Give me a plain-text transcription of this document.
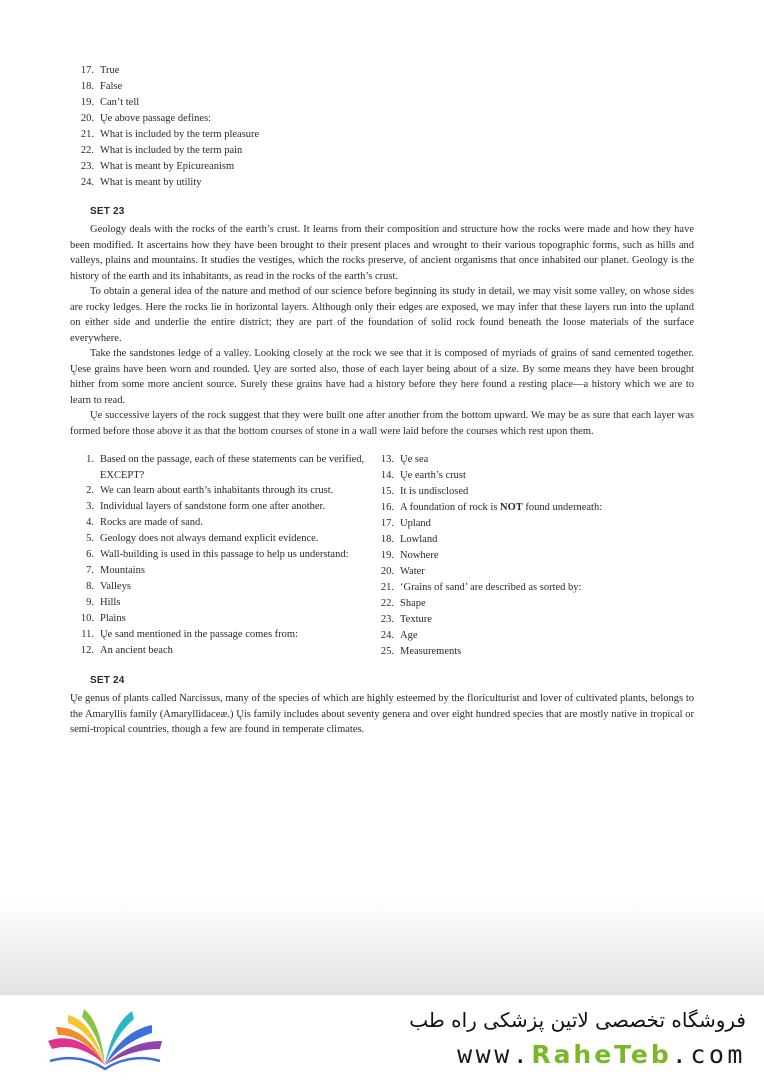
17. True
18. False
19. Can’t tell
20. Ųe above passage defines:
21. What is included by the term pleasure
22. What is included by the term pain
23. What is meant by Epicureanism
24. What is meant by utility
SET 23

Geology deals with the rocks of the earth’s crust. It learns from their composition and structure how the rocks were made and how they have been modified. It ascertains how they have been brought to their present places and wrought to their various topographic forms, such as hills and valleys, plains and mountains. It studies the vestiges, which the rocks preserve, of ancient organisms that once inhabited our planet. Geology is the history of the earth and its inhabitants, as read in the rocks of the earth’s crust.

To obtain a general idea of the nature and method of our science before beginning its study in detail, we may visit some valley, on whose sides are rocky ledges. Here the rocks lie in horizontal layers. Although only their edges are exposed, we may infer that these layers run into the upland on either side and underlie the entire district; they are part of the foundation of solid rock found beneath the loose materials of the surface everywhere.

Take the sandstones ledge of a valley. Looking closely at the rock we see that it is composed of myriads of grains of sand cemented together. Ųese grains have been worn and rounded. Ųey are sorted also, those of each layer being about of a size. By some means they have been brought hither from some more ancient source. Surely these grains have had a history before they here found a resting place—a history which we are to learn to read.

Ųe successive layers of the rock suggest that they were built one after another from the bottom upward. We may be as sure that each layer was formed before those above it as that the bottom courses of stone in a wall were laid before the courses which rest upon them.

1. Based on the passage, each of these statements can be verified, EXCEPT?
2. We can learn about earth’s inhabitants through its crust.
3. Individual layers of sandstone form one after another.
4. Rocks are made of sand.
5. Geology does not always demand explicit evidence.
6. Wall-building is used in this passage to help us understand:
7. Mountains
8. Valleys
9. Hills
10. Plains
11. Ųe sand mentioned in the passage comes from:
12. An ancient beach
13. Ųe sea
14. Ųe earth’s crust
15. It is undisclosed
16. A foundation of rock is NOT found underneath:
17. Upland
18. Lowland
19. Nowhere
20. Water
21. ‘Grains of sand’ are described as sorted by:
22. Shape
23. Texture
24. Age
25. Measurements
SET 24

Ųe genus of plants called Narcissus, many of the species of which are highly esteemed by the floriculturist and lover of cultivated plants, belongs to the Amaryllis family (Amaryllidaceæ.) Ųis family includes about seventy genera and over eight hundred species that are mostly native in tropical or semi-tropical countries, though a few are found in temperate climates.

فروشگاه تخصصی لاتین پزشکی راه طب
www.RaheTeb.com
